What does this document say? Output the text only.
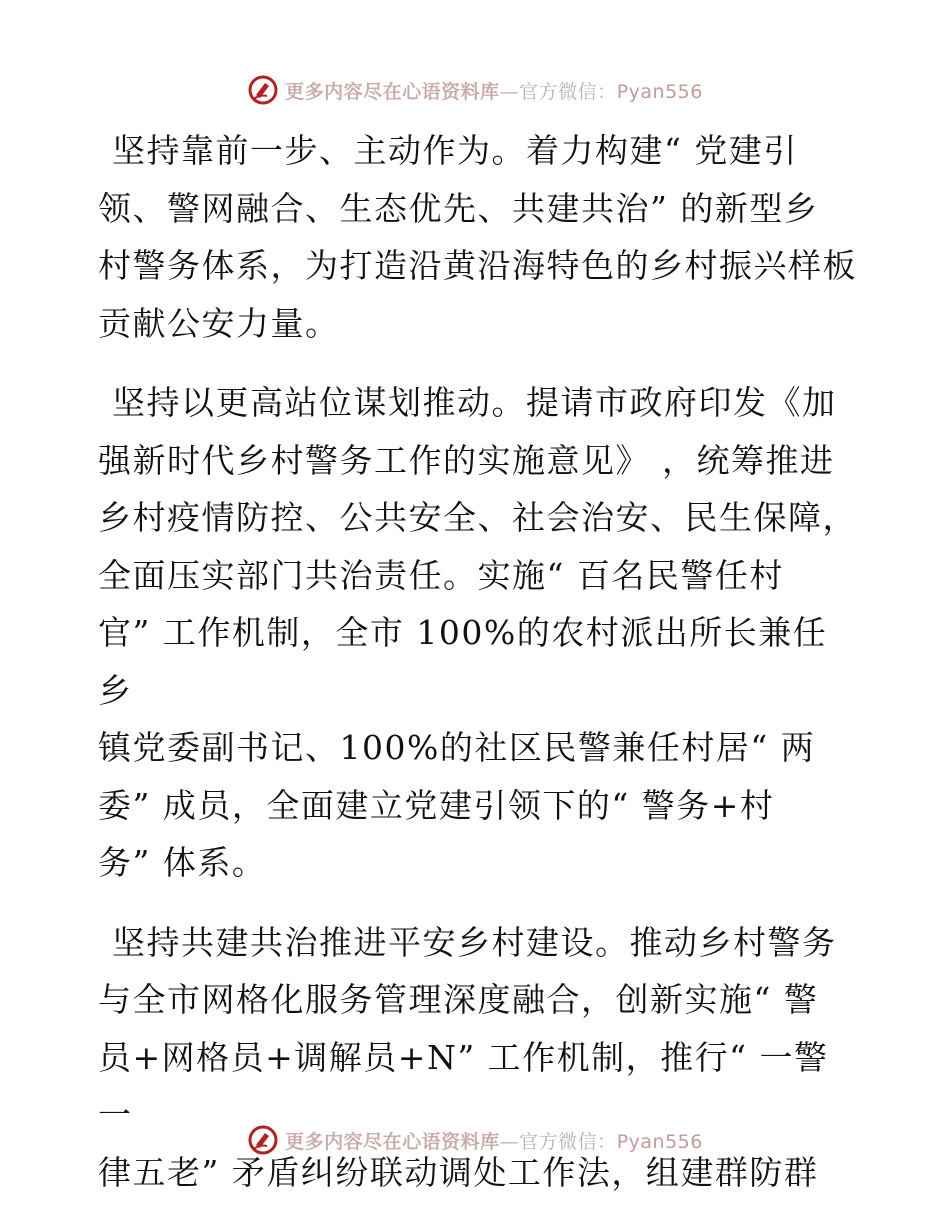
更多内容尽在心语资料库—官方微信：Pyan556

坚持靠前一步、主动作为。着力构建“ 党建引
领、警网融合、生态优先、共建共治” 的新型乡
村警务体系，为打造沿黄沿海特色的乡村振兴样板
贡献公安力量。

坚持以更高站位谋划推动。提请市政府印发《加
强新时代乡村警务工作的实施意见》 ，统筹推进
乡村疫情防控、公共安全、社会治安、民生保障，
全面压实部门共治责任。实施“ 百名民警任村
官” 工作机制，全市 100%的农村派出所长兼任乡
镇党委副书记、100%的社区民警兼任村居“ 两
委” 成员，全面建立党建引领下的“ 警务+村
务” 体系。

坚持共建共治推进平安乡村建设。推动乡村警务
与全市网格化服务管理深度融合，创新实施“ 警
员+网格员+调解员+N” 工作机制，推行“ 一警一
律五老” 矛盾纠纷联动调处工作法，组建群防群

更多内容尽在心语资料库—官方微信：Pyan556
